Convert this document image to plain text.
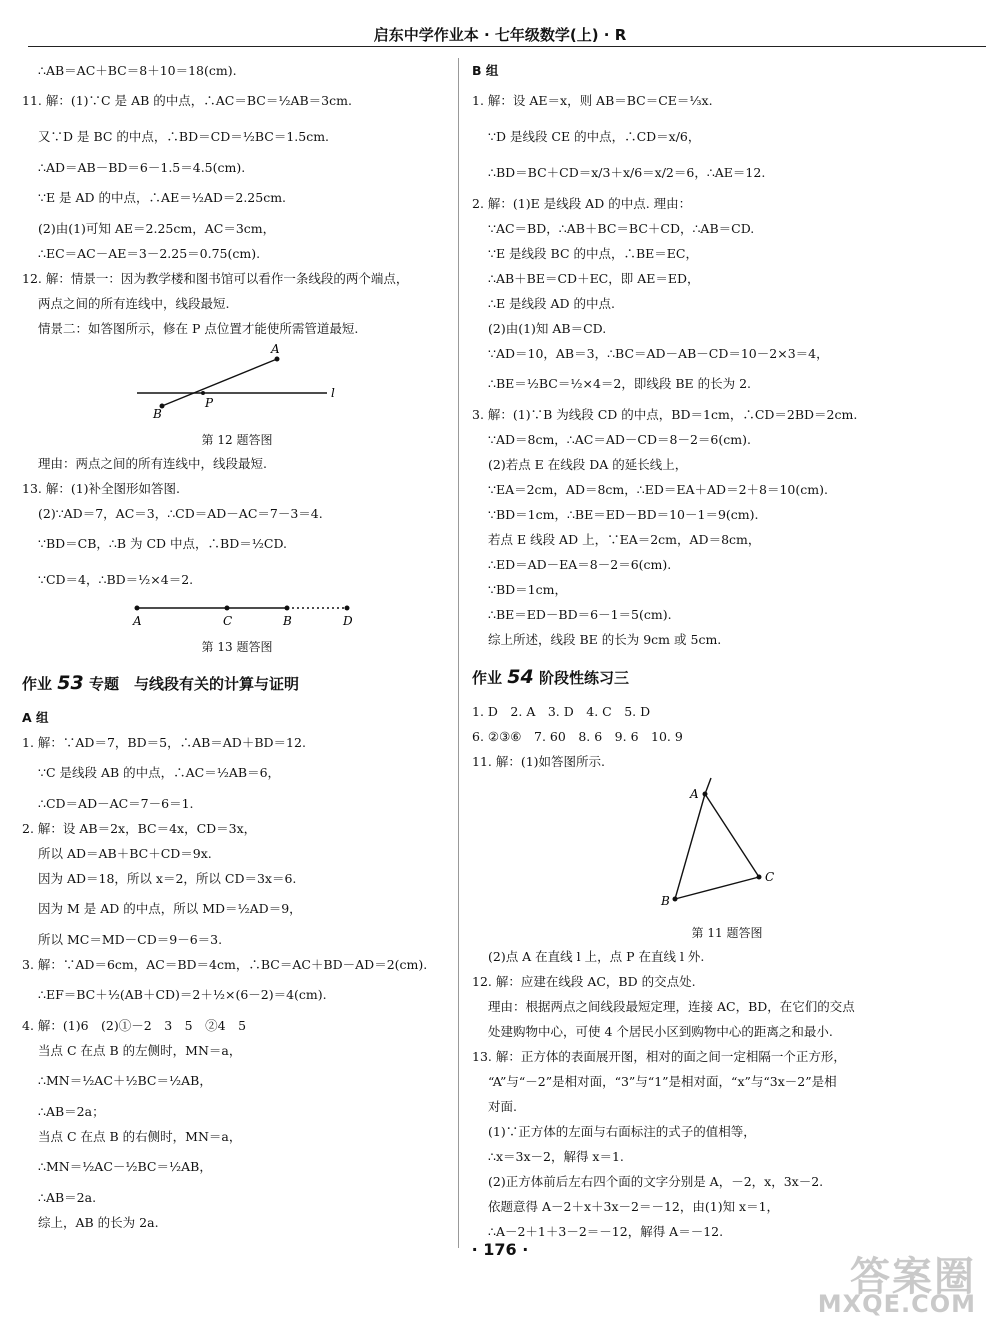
启东中学作业本 · 七年级数学(上) · R
∴AB＝AC＋BC＝8＋10＝18(cm).
11. 解：(1)∵C 是 AB 的中点，∴AC＝BC＝½AB＝3cm.
又∵D 是 BC 的中点，∴BD＝CD＝½BC＝1.5cm.
∴AD＝AB－BD＝6－1.5＝4.5(cm).
∵E 是 AD 的中点，∴AE＝½AD＝2.25cm.
(2)由(1)可知 AE＝2.25cm，AC＝3cm，
∴EC＝AC－AE＝3－2.25＝0.75(cm).
12. 解：情景一：因为教学楼和图书馆可以看作一条线段的两个端点，
两点之间的所有连线中，线段最短.
情景二：如答图所示，修在 P 点位置才能使所需管道最短.
A
B
P
l
第 12 题答图
理由：两点之间的所有连线中，线段最短.
13. 解：(1)补全图形如答图.
(2)∵AD＝7，AC＝3，∴CD＝AD－AC＝7－3＝4.
∵BD＝CB，∴B 为 CD 中点，∴BD＝½CD.
∵CD＝4，∴BD＝½×4＝2.
A	C	B	D
第 13 题答图
作业 53 专题　与线段有关的计算与证明
A 组
1. 解：∵AD＝7，BD＝5，∴AB＝AD＋BD＝12.
∵C 是线段 AB 的中点，∴AC＝½AB＝6，
∴CD＝AD－AC＝7－6＝1.
2. 解：设 AB＝2x，BC＝4x，CD＝3x，
所以 AD＝AB＋BC＋CD＝9x.
因为 AD＝18，所以 x＝2，所以 CD＝3x＝6.
因为 M 是 AD 的中点，所以 MD＝½AD＝9，
所以 MC＝MD－CD＝9－6＝3.
3. 解：∵AD＝6cm，AC＝BD＝4cm，∴BC＝AC＋BD－AD＝2(cm).
∴EF＝BC＋½(AB＋CD)＝2＋½×(6－2)＝4(cm).
4. 解：(1)6　(2)①－2　3　5　②4　5
当点 C 在点 B 的左侧时，MN＝a，
∴MN＝½AC＋½BC＝½AB，
∴AB＝2a；
当点 C 在点 B 的右侧时，MN＝a，
∴MN＝½AC－½BC＝½AB，
∴AB＝2a.
综上，AB 的长为 2a.
B 组
1. 解：设 AE＝x，则 AB＝BC＝CE＝⅓x.
∵D 是线段 CE 的中点，∴CD＝x/6，
∴BD＝BC＋CD＝x/3＋x/6＝x/2＝6，∴AE＝12.
2. 解：(1)E 是线段 AD 的中点. 理由：
∵AC＝BD，∴AB＋BC＝BC＋CD，∴AB＝CD.
∵E 是线段 BC 的中点，∴BE＝EC，
∴AB＋BE＝CD＋EC，即 AE＝ED，
∴E 是线段 AD 的中点.
(2)由(1)知 AB＝CD.
∵AD＝10，AB＝3，∴BC＝AD－AB－CD＝10－2×3＝4，
∴BE＝½BC＝½×4＝2，即线段 BE 的长为 2.
3. 解：(1)∵B 为线段 CD 的中点，BD＝1cm，∴CD＝2BD＝2cm.
∵AD＝8cm，∴AC＝AD－CD＝8－2＝6(cm).
(2)若点 E 在线段 DA 的延长线上，
∵EA＝2cm，AD＝8cm，∴ED＝EA＋AD＝2＋8＝10(cm).
∵BD＝1cm，∴BE＝ED－BD＝10－1＝9(cm).
若点 E 线段 AD 上，∵EA＝2cm，AD＝8cm，
∴ED＝AD－EA＝8－2＝6(cm).
∵BD＝1cm，
∴BE＝ED－BD＝6－1＝5(cm).
综上所述，线段 BE 的长为 9cm 或 5cm.
作业 54 阶段性练习三
1. D　2. A　3. D　4. C　5. D
6. ②③⑥　7. 60　8. 6　9. 6　10. 9
11. 解：(1)如答图所示.
A
B
C
第 11 题答图
(2)点 A 在直线 l 上，点 P 在直线 l 外.
12. 解：应建在线段 AC，BD 的交点处.
理由：根据两点之间线段最短定理，连接 AC，BD，在它们的交点
处建购物中心，可使 4 个居民小区到购物中心的距离之和最小.
13. 解：正方体的表面展开图，相对的面之间一定相隔一个正方形，
“A”与“－2”是相对面，“3”与“1”是相对面，“x”与“3x－2”是相
对面.
(1)∵正方体的左面与右面标注的式子的值相等，
∴x＝3x－2，解得 x＝1.
(2)正方体前后左右四个面的文字分别是 A，－2，x，3x－2.
依题意得 A－2＋x＋3x－2＝－12，由(1)知 x＝1，
∴A－2＋1＋3－2＝－12，解得 A＝－12.
· 176 ·
答案圈
MXQE.COM
